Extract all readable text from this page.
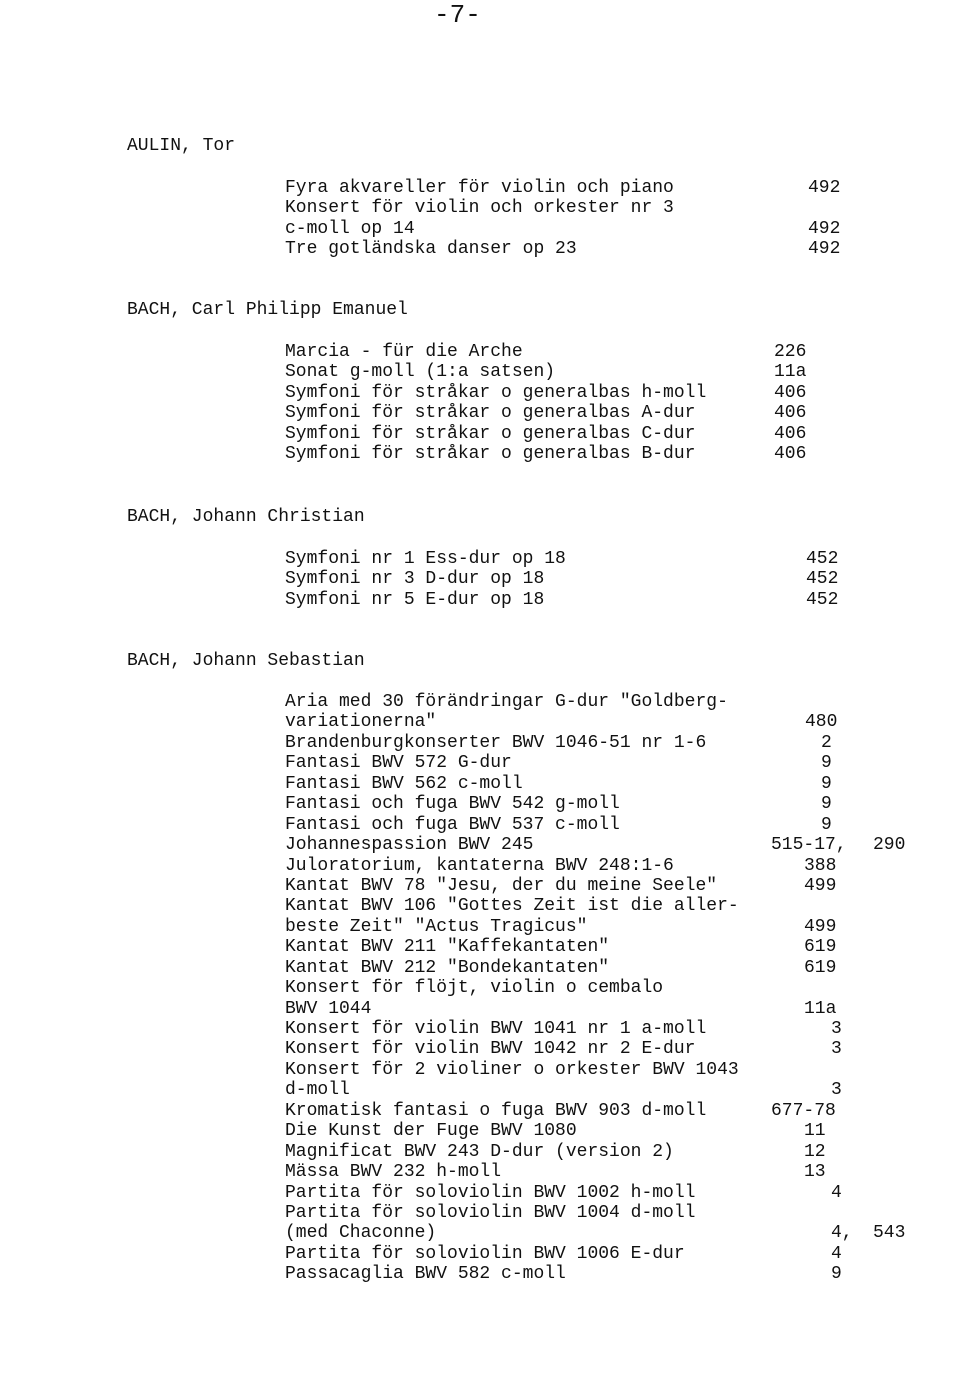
-7-
AULIN, Tor
Fyra akvareller för violin och piano	492
Konsert för violin och orkester nr 3
c-moll op 14	492
Tre gotländska danser op 23	492
BACH, Carl Philipp Emanuel
Marcia - für die Arche	226
Sonat g-moll (1:a satsen)	11a
Symfoni för stråkar o generalbas h-moll	406
Symfoni för stråkar o generalbas A-dur	406
Symfoni för stråkar o generalbas C-dur	406
Symfoni för stråkar o generalbas B-dur	406
BACH, Johann Christian
Symfoni nr 1 Ess-dur op 18	452
Symfoni nr 3 D-dur op 18	452
Symfoni nr 5 E-dur op 18	452
BACH, Johann Sebastian
Aria med 30 förändringar G-dur "Goldberg-
variationerna"	480
Brandenburgkonserter BWV 1046-51 nr 1-6	2
Fantasi BWV 572 G-dur	9
Fantasi BWV 562 c-moll	9
Fantasi och fuga BWV 542 g-moll	9
Fantasi och fuga BWV 537 c-moll	9
Johannespassion BWV 245	515-17, 290
Juloratorium, kantaterna BWV 248:1-6	388
Kantat BWV 78 "Jesu, der du meine Seele"	499
Kantat BWV 106 "Gottes Zeit ist die aller-
beste Zeit" "Actus Tragicus"	499
Kantat BWV 211 "Kaffekantaten"	619
Kantat BWV 212 "Bondekantaten"	619
Konsert för flöjt, violin o cembalo
BWV 1044	11a
Konsert för violin BWV 1041 nr 1 a-moll	3
Konsert för violin BWV 1042 nr 2 E-dur	3
Konsert för 2 violiner o orkester BWV 1043
d-moll	3
Kromatisk fantasi o fuga BWV 903 d-moll	677-78
Die Kunst der Fuge BWV 1080	11
Magnificat BWV 243 D-dur (version 2)	12
Mässa BWV 232 h-moll	13
Partita för soloviolin BWV 1002 h-moll	4
Partita för soloviolin BWV 1004 d-moll
(med Chaconne)	4, 543
Partita för soloviolin BWV 1006 E-dur	4
Passacaglia BWV 582 c-moll	9
